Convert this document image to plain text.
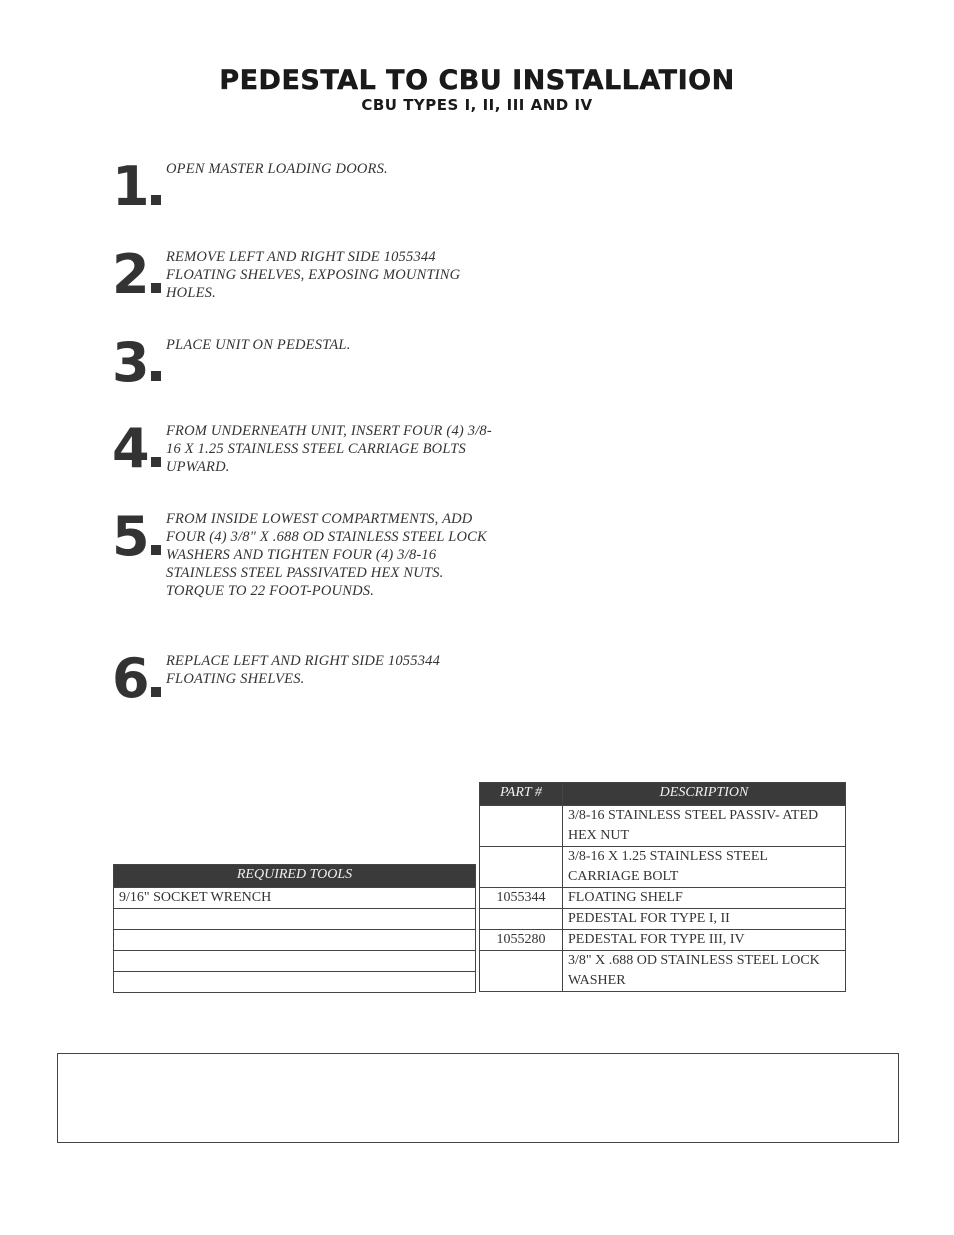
PEDESTAL TO CBU INSTALLATION
CBU TYPES I, II, III AND IV
1 OPEN MASTER LOADING DOORS.
2 REMOVE LEFT AND RIGHT SIDE 1055344 FLOATING SHELVES, EXPOSING MOUNTING HOLES.
3 PLACE UNIT ON PEDESTAL.
4 FROM UNDERNEATH UNIT, INSERT FOUR (4) 3/8-16 X 1.25 STAINLESS STEEL CARRIAGE BOLTS UPWARD.
5 FROM INSIDE LOWEST COMPARTMENTS, ADD FOUR (4) 3/8" X .688 OD STAINLESS STEEL LOCK WASHERS AND TIGHTEN FOUR (4) 3/8-16 STAINLESS STEEL PASSIVATED HEX NUTS. TORQUE TO 22 FOOT-POUNDS.
6 REPLACE LEFT AND RIGHT SIDE 1055344 FLOATING SHELVES.
REQUIRED TOOLS
9/16" SOCKET WRENCH

PART #	DESCRIPTION
	3/8-16 STAINLESS STEEL PASSIV- ATED HEX NUT
	3/8-16 X 1.25 STAINLESS STEEL CARRIAGE BOLT
1055344	FLOATING SHELF
	PEDESTAL FOR TYPE I, II
1055280	PEDESTAL FOR TYPE III, IV
	3/8" X .688 OD STAINLESS STEEL LOCK WASHER
